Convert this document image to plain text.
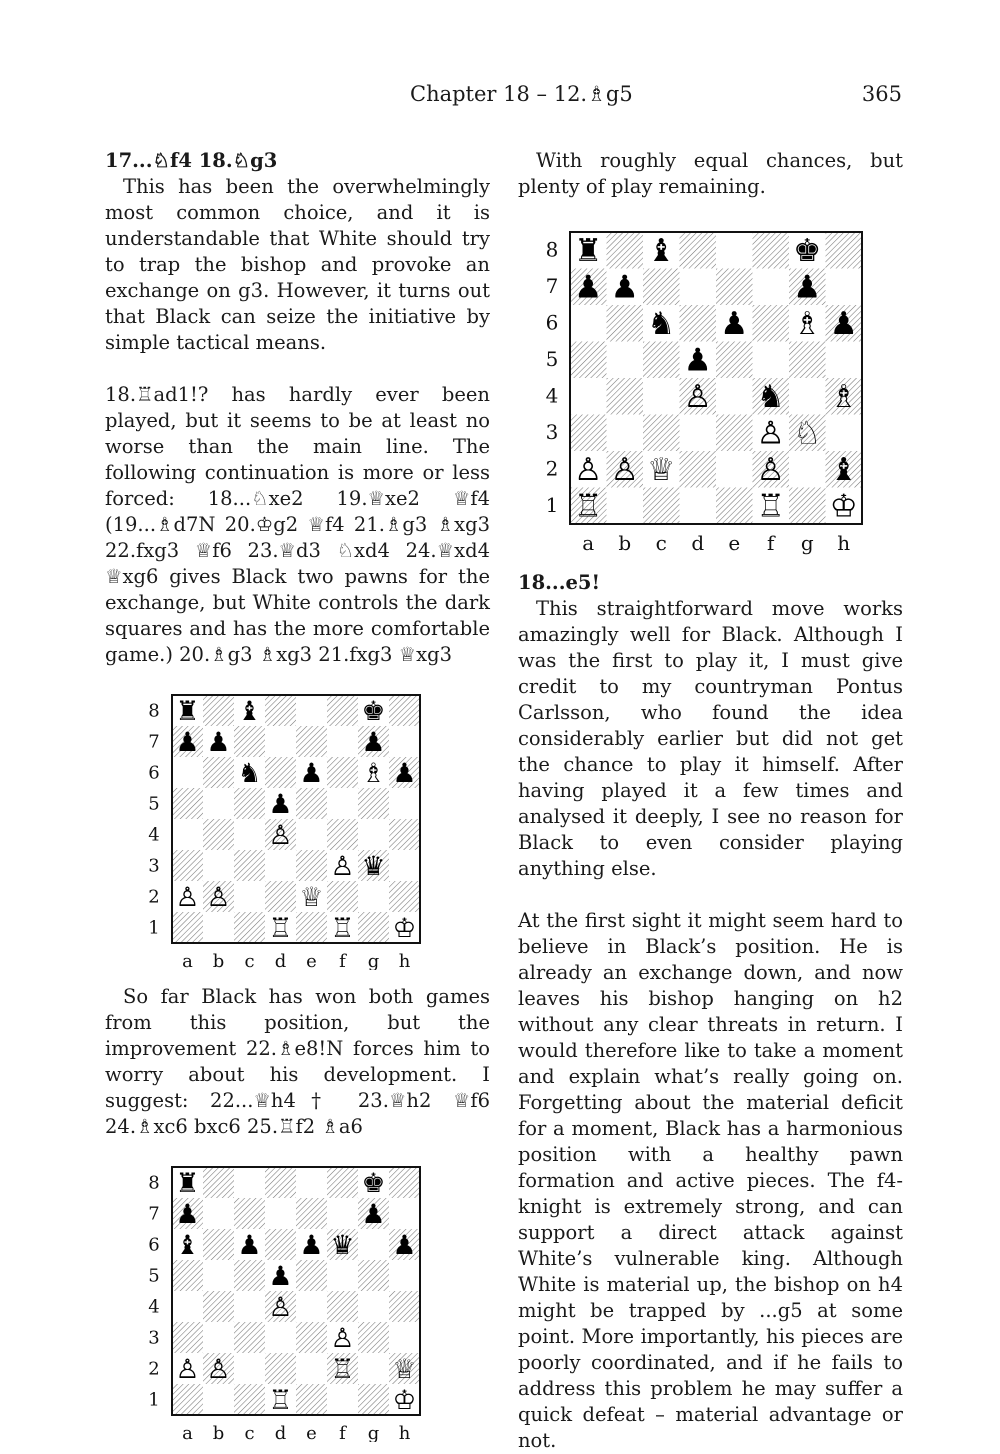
Chapter 18 – 12.♗g5	365

17...♘f4 18.♘g3

This has been the overwhelmingly most common choice, and it is understandable that White should try to trap the bishop and provoke an exchange on g3. However, it turns out that Black can seize the initiative by simple tactical means.

18.♖ad1!? has hardly ever been played, but it seems to be at least no worse than the main line. The following continuation is more or less forced: 18...♘xe2 19.♕xe2 ♕f4 (19...♗d7N 20.♔g2 ♕f4 21.♗g3 ♗xg3 22.fxg3 ♕f6 23.♕d3 ♘xd4 24.♕xd4 ♕xg6 gives Black two pawns for the exchange, but White controls the dark squares and has the more comfortable game.) 20.♗g3 ♗xg3 21.fxg3 ♕xg3

♜ ♝	♚
♟ ♟	♟
♞ ♟ ♗ ♟
♟
♙
♙ ♛
♙ ♙	♕
♖ ♖ ♔
8
7
6
5
4
3
2
1
a b c d e f g h

So far Black has won both games from this position, but the improvement 22.♗e8!N forces him to worry about his development. I suggest: 22...♕h4† 23.♕h2 ♕f6 24.♗xc6 bxc6 25.♖f2 ♗a6

♜	♚
♟	♟
♝ ♟ ♟ ♛ ♟
♟
♙
♙
♙ ♙	♖ ♕
♖	♔
8
7
6
5
4
3
2
1
a b c d e f g h

With roughly equal chances, but plenty of play remaining.

♜ ♝	♚
♟ ♟	♟
♞ ♟ ♗ ♟
♟
♙ ♞ ♗
♙ ♘
♙ ♙ ♕	♙ ♝
♖	♖ ♔
8
7
6
5
4
3
2
1
a b c d e f g h

18...e5!

This straightforward move works amazingly well for Black. Although I was the first to play it, I must give credit to my countryman Pontus Carlsson, who found the idea considerably earlier but did not get the chance to play it himself. After having played it a few times and analysed it deeply, I see no reason for Black to even consider playing anything else.

At the first sight it might seem hard to believe in Black’s position. He is already an exchange down, and now leaves his bishop hanging on h2 without any clear threats in return. I would therefore like to take a moment and explain what’s really going on. Forgetting about the material deficit for a moment, Black has a harmonious position with a healthy pawn formation and active pieces. The f4-knight is extremely strong, and can support a direct attack against White’s vulnerable king. Although White is material up, the bishop on h4 might be trapped by ...g5 at some point. More importantly, his pieces are poorly coordinated, and if he fails to address this problem he may suffer a quick defeat – material advantage or not.
